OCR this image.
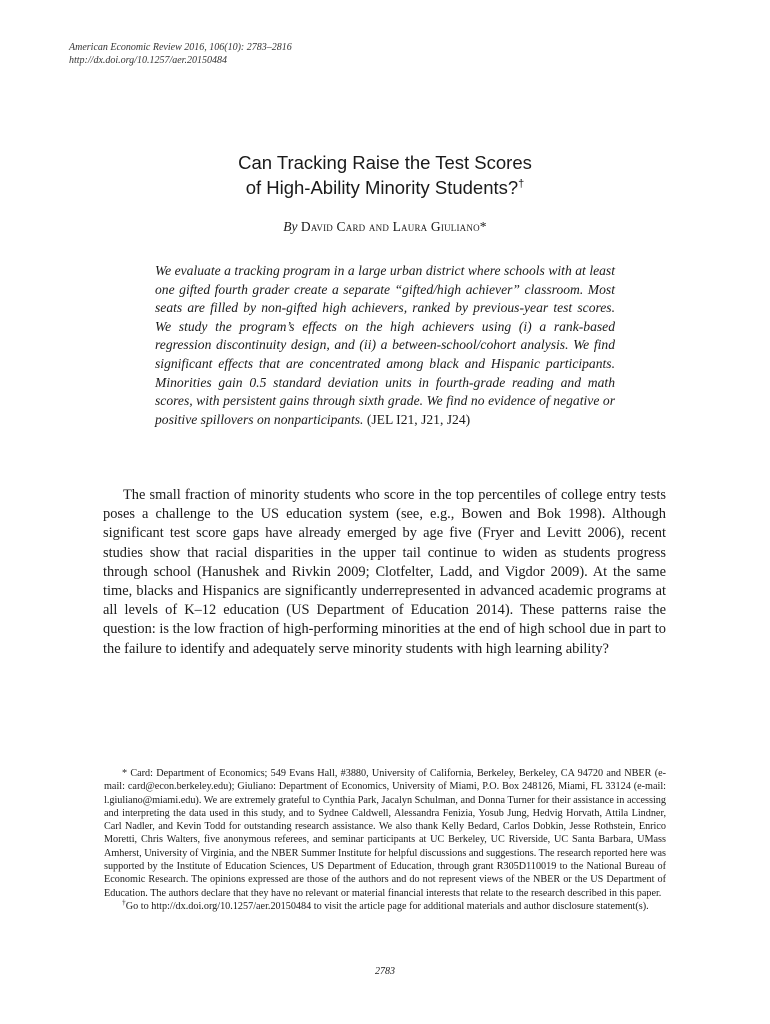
American Economic Review 2016, 106(10): 2783–2816
http://dx.doi.org/10.1257/aer.20150484
Can Tracking Raise the Test Scores
of High-Ability Minority Students?†
By David Card and Laura Giuliano*

We evaluate a tracking program in a large urban district where schools with at least one gifted fourth grader create a separate “gifted/high achiever” classroom. Most seats are filled by non-gifted high achievers, ranked by previous-year test scores. We study the program’s effects on the high achievers using (i) a rank-based regression discontinuity design, and (ii) a between-school/cohort analysis. We find significant effects that are concentrated among black and Hispanic participants. Minorities gain 0.5 standard deviation units in fourth-grade reading and math scores, with persistent gains through sixth grade. We find no evidence of negative or positive spillovers on nonparticipants. (JEL I21, J21, J24)

The small fraction of minority students who score in the top percentiles of college entry tests poses a challenge to the US education system (see, e.g., Bowen and Bok 1998). Although significant test score gaps have already emerged by age five (Fryer and Levitt 2006), recent studies show that racial disparities in the upper tail continue to widen as students progress through school (Hanushek and Rivkin 2009; Clotfelter, Ladd, and Vigdor 2009). At the same time, blacks and Hispanics are significantly underrepresented in advanced academic programs at all levels of K–12 education (US Department of Education 2014). These patterns raise the question: is the low fraction of high-performing minorities at the end of high school due in part to the failure to identify and adequately serve minority students with high learning ability?

* Card: Department of Economics; 549 Evans Hall, #3880, University of California, Berkeley, Berkeley, CA 94720 and NBER (e-mail: card@econ.berkeley.edu); Giuliano: Department of Economics, University of Miami, P.O. Box 248126, Miami, FL 33124 (e-mail: l.giuliano@miami.edu). We are extremely grateful to Cynthia Park, Jacalyn Schulman, and Donna Turner for their assistance in accessing and interpreting the data used in this study, and to Sydnee Caldwell, Alessandra Fenizia, Yosub Jung, Hedvig Horvath, Attila Lindner, Carl Nadler, and Kevin Todd for outstanding research assistance. We also thank Kelly Bedard, Carlos Dobkin, Jesse Rothstein, Enrico Moretti, Chris Walters, five anonymous referees, and seminar participants at UC Berkeley, UC Riverside, UC Santa Barbara, UMass Amherst, University of Virginia, and the NBER Summer Institute for helpful discussions and suggestions. The research reported here was supported by the Institute of Education Sciences, US Department of Education, through grant R305D110019 to the National Bureau of Economic Research. The opinions expressed are those of the authors and do not represent views of the NBER or the US Department of Education. The authors declare that they have no relevant or material financial interests that relate to the research described in this paper.

†Go to http://dx.doi.org/10.1257/aer.20150484 to visit the article page for additional materials and author disclosure statement(s).

2783
